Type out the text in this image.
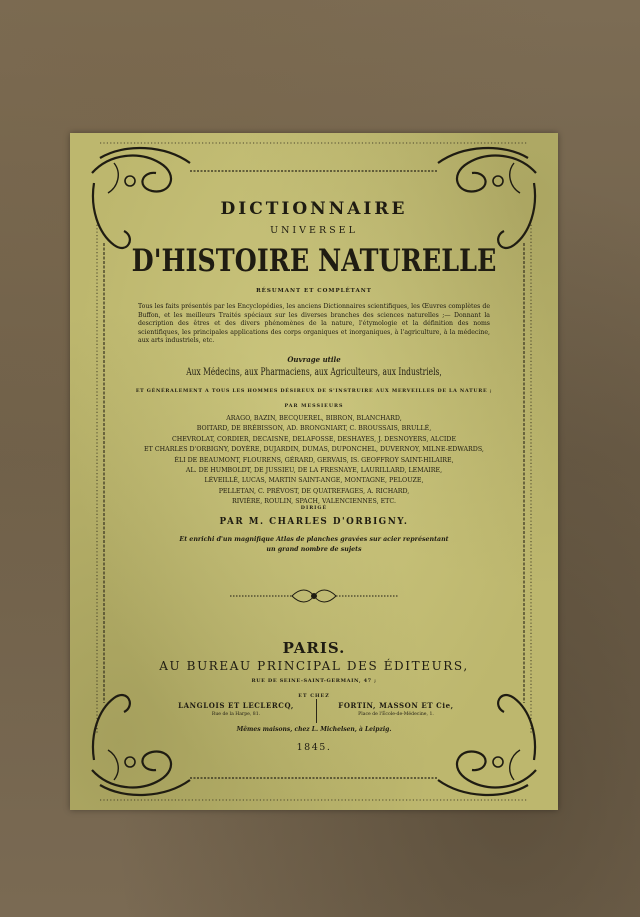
DICTIONNAIRE
UNIVERSEL
D'HISTOIRE NATURELLE
RÉSUMANT ET COMPLÉTANT
Tous les faits présentés par les Encyclopédies, les anciens Dictionnaires scientifiques, les Œuvres complètes de Buffon, et les meilleurs Traités spéciaux sur les diverses branches des sciences naturelles ;— Donnant la description des êtres et des divers phénomènes de la nature, l'étymologie et la définition des noms scientifiques, les principales applications des corps organiques et inorganiques, à l'agriculture, à la médecine, aux arts industriels, etc.
Ouvrage utile
Aux Médecins, aux Pharmaciens, aux Agriculteurs, aux Industriels,
ET GÉNÉRALEMENT A TOUS LES HOMMES DÉSIREUX DE S'INSTRUIRE AUX MERVEILLES DE LA NATURE ;
PAR MESSIEURS
ARAGO, BAZIN, BECQUEREL, BIBRON, BLANCHARD,
BOITARD, DE BRÉBISSON, AD. BRONGNIART, C. BROUSSAIS, BRULLÉ,
CHEVROLAT, CORDIER, DECAISNE, DELAFOSSE, DESHAYES, J. DESNOYERS, ALCIDE
ET CHARLES D'ORBIGNY, DOYÈRE, DUJARDIN, DUMAS, DUPONCHEL, DUVERNOY, MILNE-EDWARDS,
ÉLI DE BEAUMONT, FLOURENS, GÉRARD, GERVAIS, IS. GEOFFROY SAINT-HILAIRE,
AL. DE HUMBOLDT, DE JUSSIEU, DE LA FRESNAYE, LAURILLARD, LEMAIRE,
LÉVEILLÉ, LUCAS, MARTIN SAINT-ANGE, MONTAGNE, PELOUZE,
PELLETAN, C. PRÉVOST, DE QUATREFAGES, A. RICHARD,
RIVIÈRE, ROULIN, SPACH, VALENCIENNES, ETC.
DIRIGÉ
PAR M. CHARLES D'ORBIGNY.
Et enrichi d'un magnifique Atlas de planches gravées sur acier représentant
un grand nombre de sujets
PARIS.
AU BUREAU PRINCIPAL DES ÉDITEURS,
RUE DE SEINE-SAINT-GERMAIN, 47 ;
ET CHEZ
LANGLOIS ET LECLERCQ,
Rue de la Harpe, 81.
FORTIN, MASSON ET Cie,
Place de l'École-de-Médecine, 1.
Mêmes maisons, chez L. Michelsen, à Leipzig.
1845.
